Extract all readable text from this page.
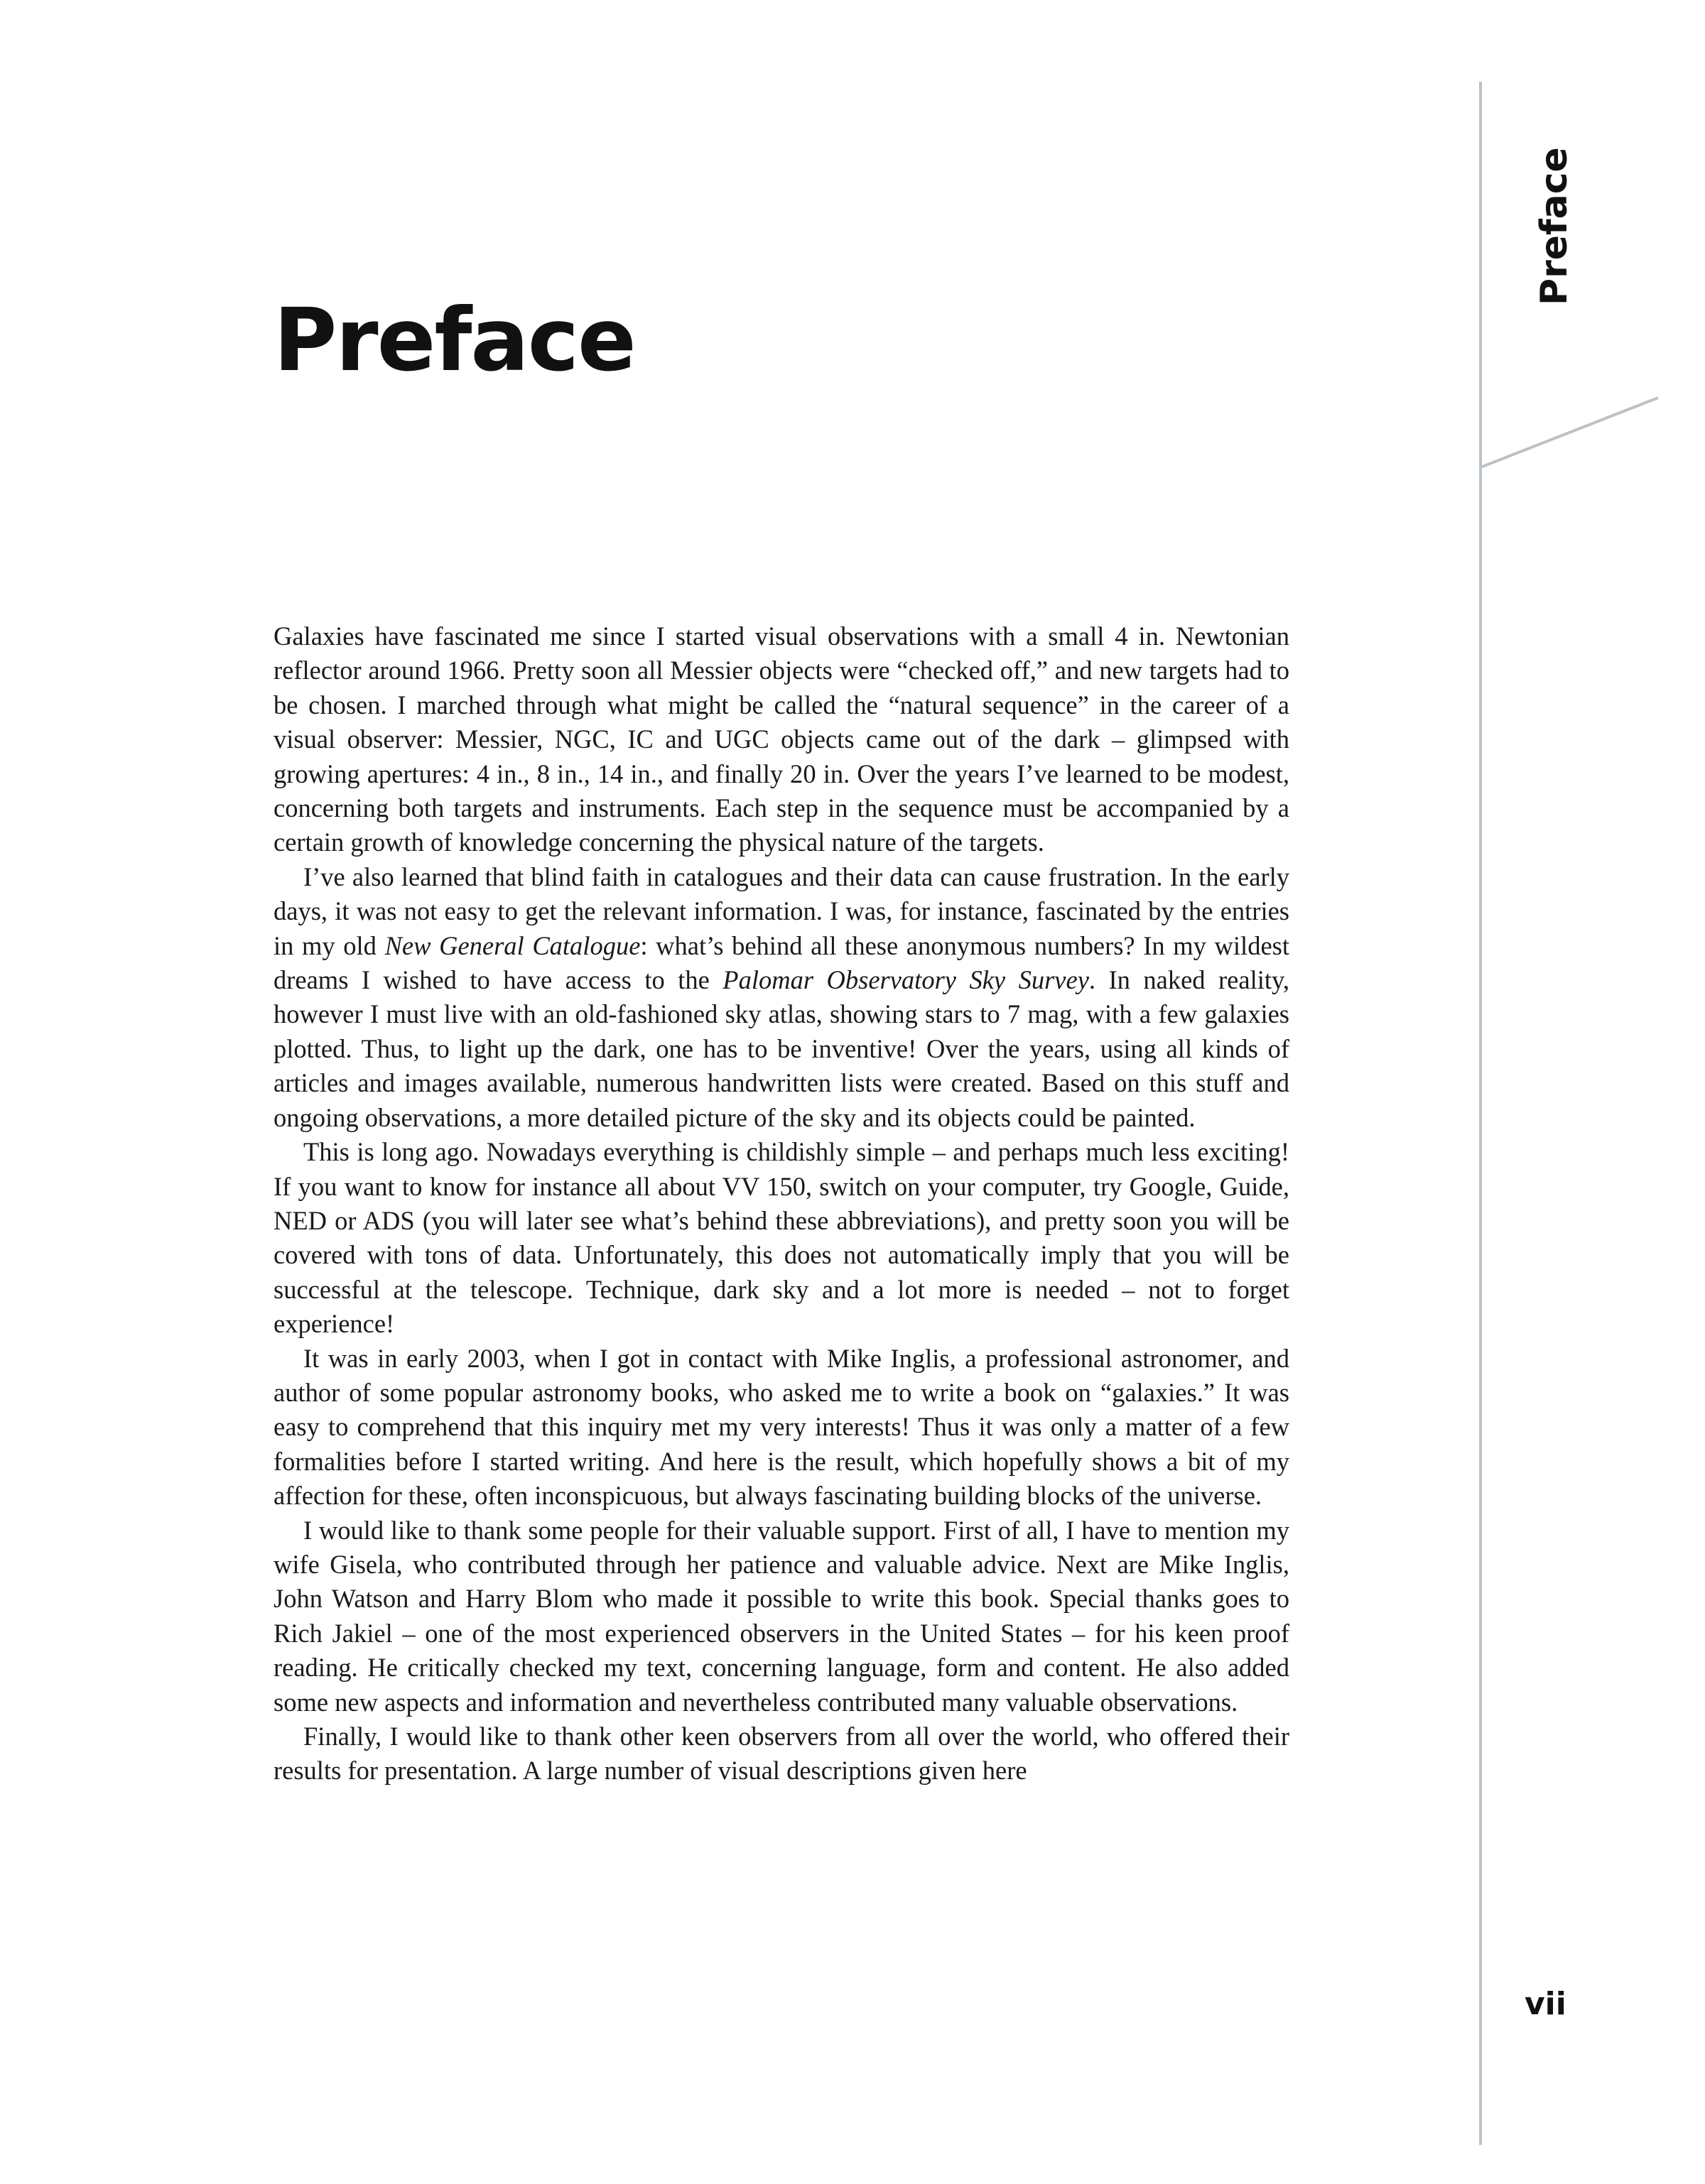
Preface

Galaxies have fascinated me since I started visual observations with a small 4 in. Newtonian reflector around 1966. Pretty soon all Messier objects were “checked off,” and new targets had to be chosen. I marched through what might be called the “natural sequence” in the career of a visual observer: Messier, NGC, IC and UGC objects came out of the dark – glimpsed with growing apertures: 4 in., 8 in., 14 in., and finally 20 in. Over the years I’ve learned to be modest, concerning both targets and instruments. Each step in the sequence must be accompanied by a certain growth of knowledge concerning the physical nature of the targets.

I’ve also learned that blind faith in catalogues and their data can cause frustration. In the early days, it was not easy to get the relevant information. I was, for instance, fascinated by the entries in my old New General Catalogue: what’s behind all these anonymous numbers? In my wildest dreams I wished to have access to the Palomar Observatory Sky Survey. In naked reality, however I must live with an old-fashioned sky atlas, showing stars to 7 mag, with a few galaxies plotted. Thus, to light up the dark, one has to be inventive! Over the years, using all kinds of articles and images available, numerous handwritten lists were created. Based on this stuff and ongoing observations, a more detailed picture of the sky and its objects could be painted.

This is long ago. Nowadays everything is childishly simple – and perhaps much less exciting! If you want to know for instance all about VV 150, switch on your computer, try Google, Guide, NED or ADS (you will later see what’s behind these abbreviations), and pretty soon you will be covered with tons of data. Unfortunately, this does not automatically imply that you will be successful at the telescope. Technique, dark sky and a lot more is needed – not to forget experience!

It was in early 2003, when I got in contact with Mike Inglis, a professional astronomer, and author of some popular astronomy books, who asked me to write a book on “galaxies.” It was easy to comprehend that this inquiry met my very interests! Thus it was only a matter of a few formalities before I started writing. And here is the result, which hopefully shows a bit of my affection for these, often inconspicuous, but always fascinating building blocks of the universe.

I would like to thank some people for their valuable support. First of all, I have to mention my wife Gisela, who contributed through her patience and valuable advice. Next are Mike Inglis, John Watson and Harry Blom who made it possible to write this book. Special thanks goes to Rich Jakiel – one of the most experienced observers in the United States – for his keen proof reading. He critically checked my text, concerning language, form and content. He also added some new aspects and information and nevertheless contributed many valuable observations.

Finally, I would like to thank other keen observers from all over the world, who offered their results for presentation. A large number of visual descriptions given here

Preface
vii
